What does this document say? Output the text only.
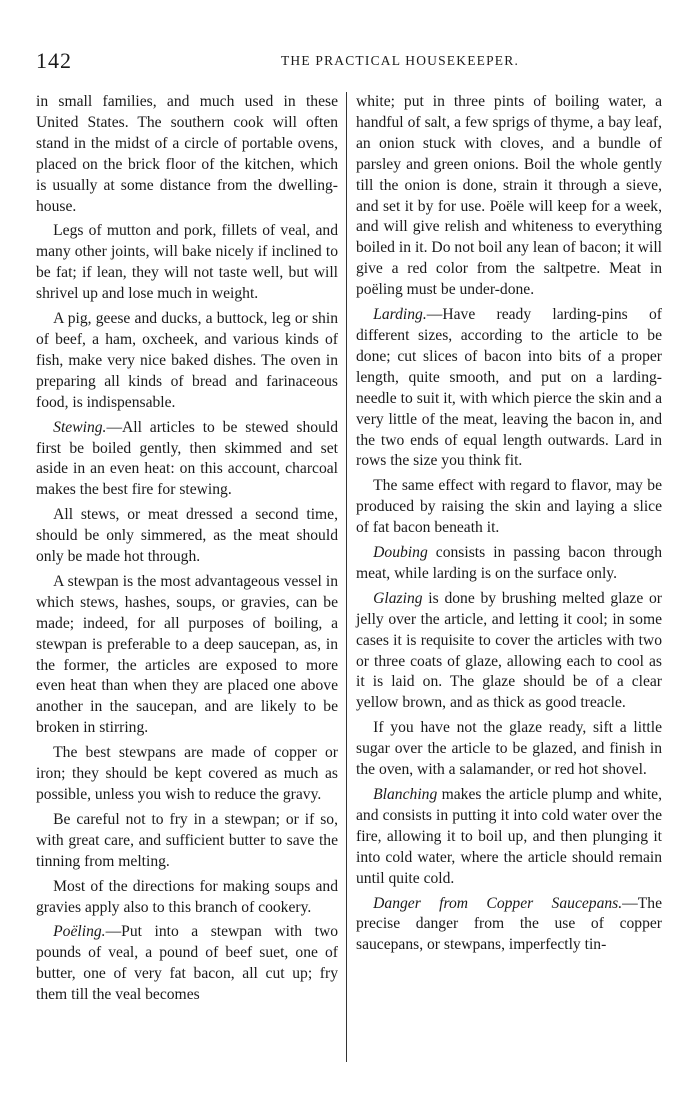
142	THE PRACTICAL HOUSEKEEPER.

in small families, and much used in these United States. The southern cook will often stand in the midst of a circle of portable ovens, placed on the brick floor of the kitchen, which is usually at some distance from the dwelling-house.

Legs of mutton and pork, fillets of veal, and many other joints, will bake nicely if inclined to be fat; if lean, they will not taste well, but will shrivel up and lose much in weight.

A pig, geese and ducks, a buttock, leg or shin of beef, a ham, oxcheek, and various kinds of fish, make very nice baked dishes. The oven in preparing all kinds of bread and farinaceous food, is indispensable.

Stewing.—All articles to be stewed should first be boiled gently, then skimmed and set aside in an even heat: on this account, charcoal makes the best fire for stewing.

All stews, or meat dressed a second time, should be only simmered, as the meat should only be made hot through.

A stewpan is the most advantageous vessel in which stews, hashes, soups, or gravies, can be made; indeed, for all purposes of boiling, a stewpan is preferable to a deep saucepan, as, in the former, the articles are exposed to more even heat than when they are placed one above another in the saucepan, and are likely to be broken in stirring.

The best stewpans are made of copper or iron; they should be kept covered as much as possible, unless you wish to reduce the gravy.

Be careful not to fry in a stewpan; or if so, with great care, and sufficient butter to save the tinning from melting.

Most of the directions for making soups and gravies apply also to this branch of cookery.

Poëling.—Put into a stewpan with two pounds of veal, a pound of beef suet, one of butter, one of very fat bacon, all cut up; fry them till the veal becomes

white; put in three pints of boiling water, a handful of salt, a few sprigs of thyme, a bay leaf, an onion stuck with cloves, and a bundle of parsley and green onions. Boil the whole gently till the onion is done, strain it through a sieve, and set it by for use. Poële will keep for a week, and will give relish and whiteness to everything boiled in it. Do not boil any lean of bacon; it will give a red color from the saltpetre. Meat in poëling must be under-done.

Larding.—Have ready larding-pins of different sizes, according to the article to be done; cut slices of bacon into bits of a proper length, quite smooth, and put on a larding-needle to suit it, with which pierce the skin and a very little of the meat, leaving the bacon in, and the two ends of equal length outwards. Lard in rows the size you think fit.

The same effect with regard to flavor, may be produced by raising the skin and laying a slice of fat bacon beneath it.

Doubing consists in passing bacon through meat, while larding is on the surface only.

Glazing is done by brushing melted glaze or jelly over the article, and letting it cool; in some cases it is requisite to cover the articles with two or three coats of glaze, allowing each to cool as it is laid on. The glaze should be of a clear yellow brown, and as thick as good treacle.

If you have not the glaze ready, sift a little sugar over the article to be glazed, and finish in the oven, with a salamander, or red hot shovel.

Blanching makes the article plump and white, and consists in putting it into cold water over the fire, allowing it to boil up, and then plunging it into cold water, where the article should remain until quite cold.

Danger from Copper Saucepans.—The precise danger from the use of copper saucepans, or stewpans, imperfectly tin-
